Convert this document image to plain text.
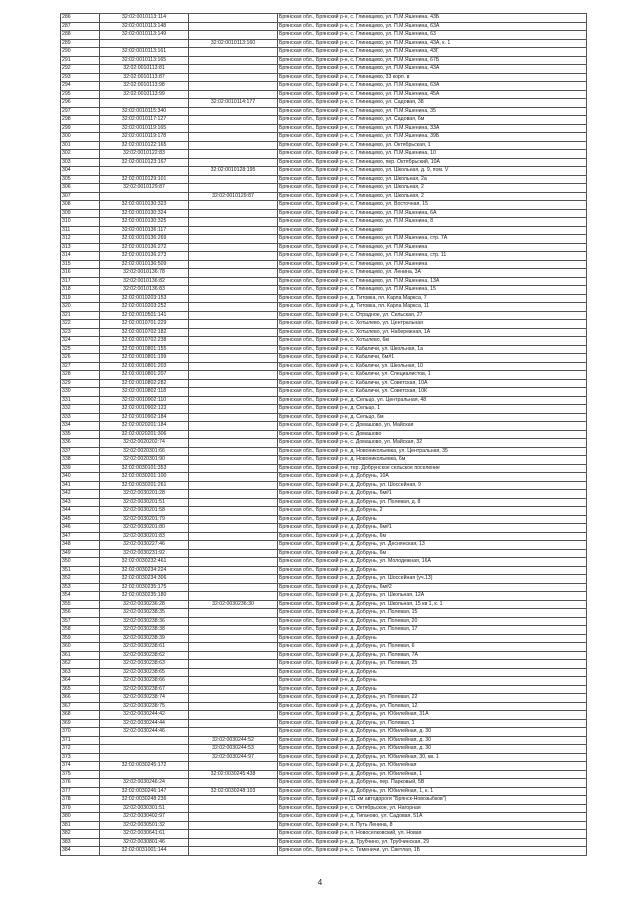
286	32:02:0010113:114		Брянская обл., Брянский р-н, с. Глинищево, ул. П.М.Яшенина, 43Б
287	32:02:0010113:148		Брянская обл., Брянский р-н, с. Глинищево, ул. П.М.Яшенина, 63А
288	32:02:0010113:149		Брянская обл., Брянский р-н, с. Глинищево, ул. П.М.Яшенина, 63
289		32:02:0010113:160	Брянская обл., Брянский р-н, с. Глинищево, ул. П.М.Яшенина, 43А, к. 1
290	32:02:0010113:161		Брянская обл., Брянский р-н, с. Глинищево, ул. П.М.Яшенина, 43Г
291	32:02:0010113:165		Брянская обл., Брянский р-н, с. Глинищево, ул. П.М.Яшенина, 67Б
292	32:02:0010113:81		Брянская обл., Брянский р-н, с. Глинищево, ул. П.М.Яшенина, 43А
293	32:02:0010113:87		Брянская обл., Брянский р-н, с. Глинищево, 33 корп. в
294	32:02:0010113:98		Брянская обл., Брянский р-н, с. Глинищево, ул. П.М.Яшенина, 63А
295	32:02:0010113:99		Брянская обл., Брянский р-н, с. Глинищево, ул. П.М.Яшенина, 45А
296		32:02:0010114:177	Брянская обл., Брянский р-н, с. Глинищево, ул. Садовая, 38
297	32:02:0010115:340		Брянская обл., Брянский р-н, с. Глинищево, ул. П.М.Яшенина, 35
298	32:02:0010117:127		Брянская обл., Брянский р-н, с. Глинищево, ул. Садовая, 6м
299	32:02:0010119:165		Брянская обл., Брянский р-н, с. Глинищево, ул. П.М.Яшенина, 33А
300	32:02:0010119:178		Брянская обл., Брянский р-н, с. Глинищево, ул. П.М.Яшенина, 39Б
301	32:02:0010122:165		Брянская обл., Брянский р-н, с. Глинищево, ул. Октябрьская, 1
302	32:02:0010122:83		Брянская обл., Брянский р-н, с. Глинищево, ул. П.М.Яшенина, 10
303	32:02:0010123:167		Брянская обл., Брянский р-н, с. Глинищево, пер. Октябрьский, 10А
304		32:02:0010128:195	Брянская обл., Брянский р-н, с. Глинищево, ул. Школьная, д. 9, пом. V
305	32:02:0010129:101		Брянская обл., Брянский р-н, с. Глинищево, ул. Школьная, 2а
306	32:02:0010129:87		Брянская обл., Брянский р-н, с. Глинищево, ул. Школьная, 2
307		32:02:0010129:87	Брянская обл., Брянский р-н, с. Глинищево, ул. Школьная, 2
308	32:02:0010130:323		Брянская обл., Брянский р-н, с. Глинищево, ул. Восточная, 15
309	32:02:0010130:324		Брянская обл., Брянский р-н, с. Глинищево, ул. П.М.Яшенина, 6А
310	32:02:0010130:325		Брянская обл., Брянский р-н, с. Глинищево, ул. П.М.Яшенина, 8
311	32:02:0010136:117		Брянская обл., Брянский р-н, с. Глинищево
312	32:02:0010136:269		Брянская обл., Брянский р-н, с. Глинищево, ул. П.М.Яшенина, стр. 7А
313	32:02:0010136:272		Брянская обл., Брянский р-н, с. Глинищево, ул. П.М.Яшенина
314	32:02:0010136:273		Брянская обл., Брянский р-н, с. Глинищево, ул. П.М.Яшенина, стр. 11
315	32:02:0010136:509		Брянская обл., Брянский р-н, с. Глинищево, ул. П.М.Яшенина
316	32:02:0010136:78		Брянская обл., Брянский р-н, с. Глинищево, ул. Ленина, 3А
317	32:02:0010136:82		Брянская обл., Брянский р-н, с. Глинищево, ул. П.М.Яшенина, 13А
318	32:02:0010136:83		Брянская обл., Брянский р-н, с. Глинищево, ул. П.М.Яшенина, 15
319	32:02:0010203:153		Брянская обл., Брянский р-н, д. Титовка, пл. Карла Маркса, 7
320	32:02:0010203:252		Брянская обл., Брянский р-н, д. Титовка, пл. Карла Маркса, 11
321	32:02:0010501:141		Брянская обл., Брянский р-н, с. Отрадное, ул. Сельская, 27
322	32:02:0010701:229		Брянская обл., Брянский р-н, с. Хотылево, ул. Центральная
323	32:02:0010702:182		Брянская обл., Брянский р-н, с. Хотылево, ул. Набережная, 1А
324	32:02:0010702:238		Брянская обл., Брянский р-н, с. Хотылево, 6м
325	32:02:0010801:155		Брянская обл., Брянский р-н, с. Кабаличи, ул. Школьная, 1а
326	32:02:0010801:199		Брянская обл., Брянский р-н, с. Кабаличи, 6м#1
327	32:02:0010801:203		Брянская обл., Брянский р-н, с. Кабаличи, ул. Школьная, 10
328	32:02:0010801:207		Брянская обл., Брянский р-н, с. Кабаличи, ул. Специалистов, 1
329	32:02:0010802:282		Брянская обл., Брянский р-н, с. Кабаличи, ул. Советская, 10А
330	32:02:0010802:118		Брянская обл., Брянский р-н, с. Кабаличи, ул. Советская, 10К
331	32:02:0010902:110		Брянская обл., Брянский р-н, д. Сельцо, ул. Центральная, 48
332	32:02:0010902:123		Брянская обл., Брянский р-н, д. Сельцо, 1
333	32:02:0010902:184		Брянская обл., Брянский р-н, д. Сельцо, 6м
334	32:02:0020201:184		Брянская обл., Брянский р-н, с. Домашово, ул. Майская
335	32:02:0020201:306		Брянская обл., Брянский р-н, с. Домашово
336	32:02:0020202:74		Брянская обл., Брянский р-н, с. Домашово, ул. Майская, 32
337	32:02:0020301:66		Брянская обл., Брянский р-н, д. Новоникольевка, ул. Центральная, 35
338	32:02:0020301:90		Брянская обл., Брянский р-н, д. Новоникольевка, 6м
339	32:02:0030101:353		Брянская обл., Брянский р-н, тер. Добрунское сельское поселение
340	32:02:0030201:100		Брянская обл., Брянский р-н, д. Добрунь, 10А
341	32:02:0030201:261		Брянская обл., Брянский р-н, д. Добрунь, ул. Шоссейная, 9
342	32:02:0030201:28		Брянская обл., Брянский р-н, д. Добрунь, 6м#1
343	32:02:0030201:51		Брянская обл., Брянский р-н, д. Добрунь, ул. Полевая, д. 8
344	32:02:0030201:58		Брянская обл., Брянский р-н, д. Добрунь, 2
345	32:02:0030201:79		Брянская обл., Брянский р-н, д. Добрунь
346	32:02:0030201:80		Брянская обл., Брянский р-н, д. Добрунь, 6м#1
347	32:02:0030201:83		Брянская обл., Брянский р-н, д. Добрунь, 6м
348	32:02:0030227:46		Брянская обл., Брянский р-н, д. Добрунь, ул. Деснянская, 13
349	32:02:0030231:92		Брянская обл., Брянский р-н, д. Добрунь, 6м
350	32:02:0030232:461		Брянская обл., Брянский р-н, д. Добрунь, ул. Молодежная, 16А
351	32:02:0030234:224		Брянская обл., Брянский р-н, д. Добрунь
352	32:02:0030234:306		Брянская обл., Брянский р-н, д. Добрунь, ул. Шоссейная (уч.13)
353	32:02:0030235:175		Брянская обл., Брянский р-н, д. Добрунь, 6м#2
354	32:02:0030235:180		Брянская обл., Брянский р-н, д. Добрунь, ул. Школьная, 12А
355	32:02:0030236:28	32:02:0030236:30	Брянская обл., Брянский р-н, д. Добрунь, ул. Школьная, 15 кв 1, к. 1
356	32:02:0030238:35		Брянская обл., Брянский р-н, д. Добрунь, ул. Полевая, 15
357	32:02:0030238:36		Брянская обл., Брянский р-н, д. Добрунь, ул. Полевая, 20
358	32:02:0030238:38		Брянская обл., Брянский р-н, д. Добрунь, ул. Полевая, 17
359	32:02:0030238:39		Брянская обл., Брянский р-н, д. Добрунь
360	32:02:0030238:61		Брянская обл., Брянский р-н, д. Добрунь, ул. Полевая, 6
361	32:02:0030238:62		Брянская обл., Брянский р-н, д. Добрунь, ул. Полевая, 7А
362	32:02:0030238:63		Брянская обл., Брянский р-н, д. Добрунь, ул. Полевая, 25
363	32:02:0030238:65		Брянская обл., Брянский р-н, д. Добрунь
364	32:02:0030238:66		Брянская обл., Брянский р-н, д. Добрунь
365	32:02:0030238:67		Брянская обл., Брянский р-н, д. Добрунь
366	32:02:0030238:74		Брянская обл., Брянский р-н, д. Добрунь, ул. Полевая, 22
367	32:02:0030238:75		Брянская обл., Брянский р-н, д. Добрунь, ул. Полевая, 12
368	32:02:0030244:42		Брянская обл., Брянский р-н, д. Добрунь, ул. Юбилейная, 31А
369	32:02:0030244:44		Брянская обл., Брянский р-н, д. Добрунь, ул. Полевая, 1
370	32:02:0030244:46		Брянская обл., Брянский р-н, д. Добрунь, ул. Юбилейная, д. 30
371		32:02:0030244:52	Брянская обл., Брянский р-н, д. Добрунь, ул. Юбилейная, д. 30
372		32:02:0030244:53	Брянская обл., Брянский р-н, д. Добрунь, ул. Юбилейная, д. 30
373		32:02:0030244:97	Брянская обл., Брянский р-н, д. Добрунь, ул. Юбилейная, 30, кв. 1
374	32:02:0030245:172		Брянская обл., Брянский р-н, д. Добрунь, ул. Юбилейная
375		32:02:0030245:438	Брянская обл., Брянский р-н, д. Добрунь, ул. Юбилейная, 1
376	32:02:0030246:24		Брянская обл., Брянский р-н, д. Добрунь, пер. Парковый, 5В
377	32:02:0030246:147	32:02:0030248:103	Брянская обл., Брянский р-н, д. Добрунь, ул. Юбилейная, 1, к. 1
378	32:02:0030248:236		Брянская обл., Брянский р-н (11 км автодороги "Брянск-Новозыбков")
379	32:02:0030301:51		Брянская обл., Брянский р-н, с. Октябрьское, ул. Нагорная
380	32:02:0030402:97		Брянская обл., Брянский р-н, д. Тиганово, ул. Садовая, 51А
381	32:02:0030501:32		Брянская обл., Брянский р-н, п. Путь Ленина, 8
382	32:02:0030641:61		Брянская обл., Брянский р-н, п. Новоселковский, ул. Новая
383	32:02:0030801:46		Брянская обл., Брянский р-н, д. Трубчино, ул. Трубчинская, 29
384	32:02:0031001:144		Брянская обл., Брянский р-н, с. Теменичи, ул. Светлая, 1Б
4
